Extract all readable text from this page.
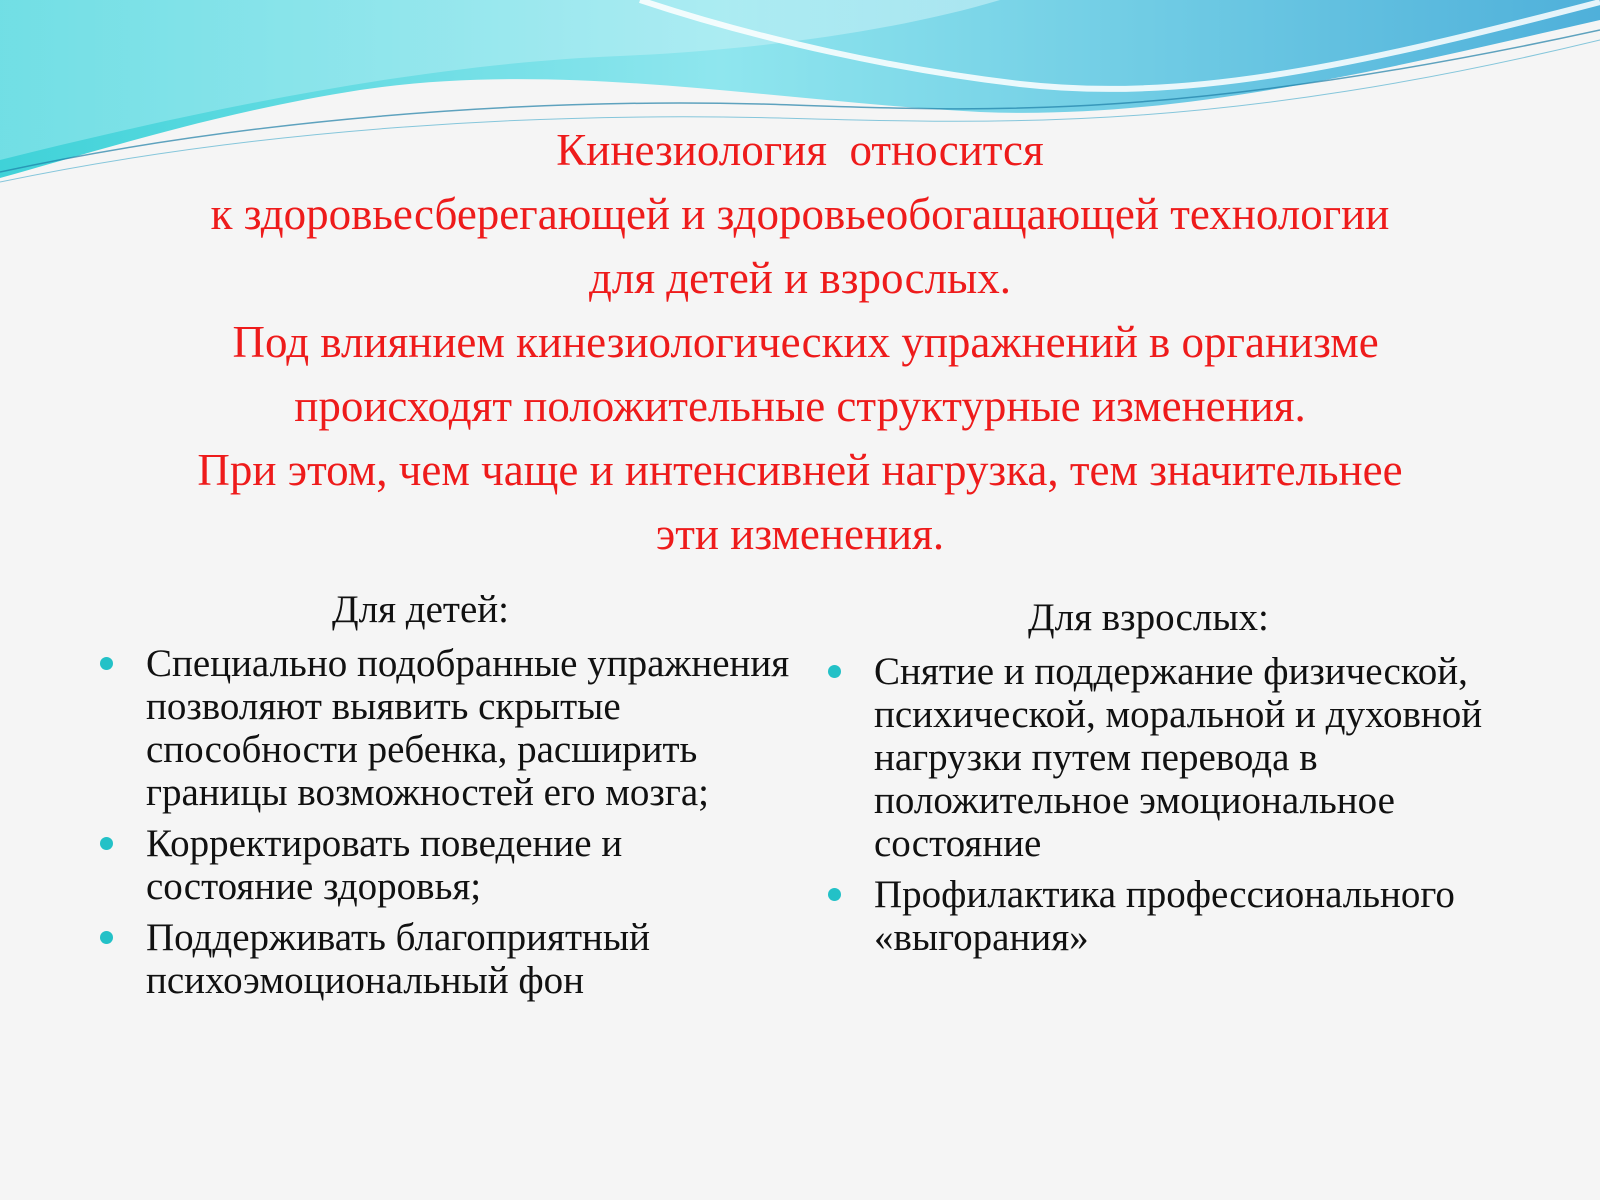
Кинезиология  относится
к здоровьесберегающей и здоровьеобогащающей технологии
для детей и взрослых.
Под влиянием кинезиологических упражнений в организме
происходят положительные структурные изменения.
При этом, чем чаще и интенсивней нагрузка, тем значительнее
эти изменения.
Для детей:
Специально подобранные упражнения позволяют выявить скрытые способности ребенка, расширить границы возможностей его мозга;
Корректировать поведение и состояние здоровья;
Поддерживать благоприятный психоэмоциональный фон
Для взрослых:
Снятие и поддержание физической, психической, моральной и духовной нагрузки путем перевода в положительное эмоциональное состояние
Профилактика профессионального «выгорания»
